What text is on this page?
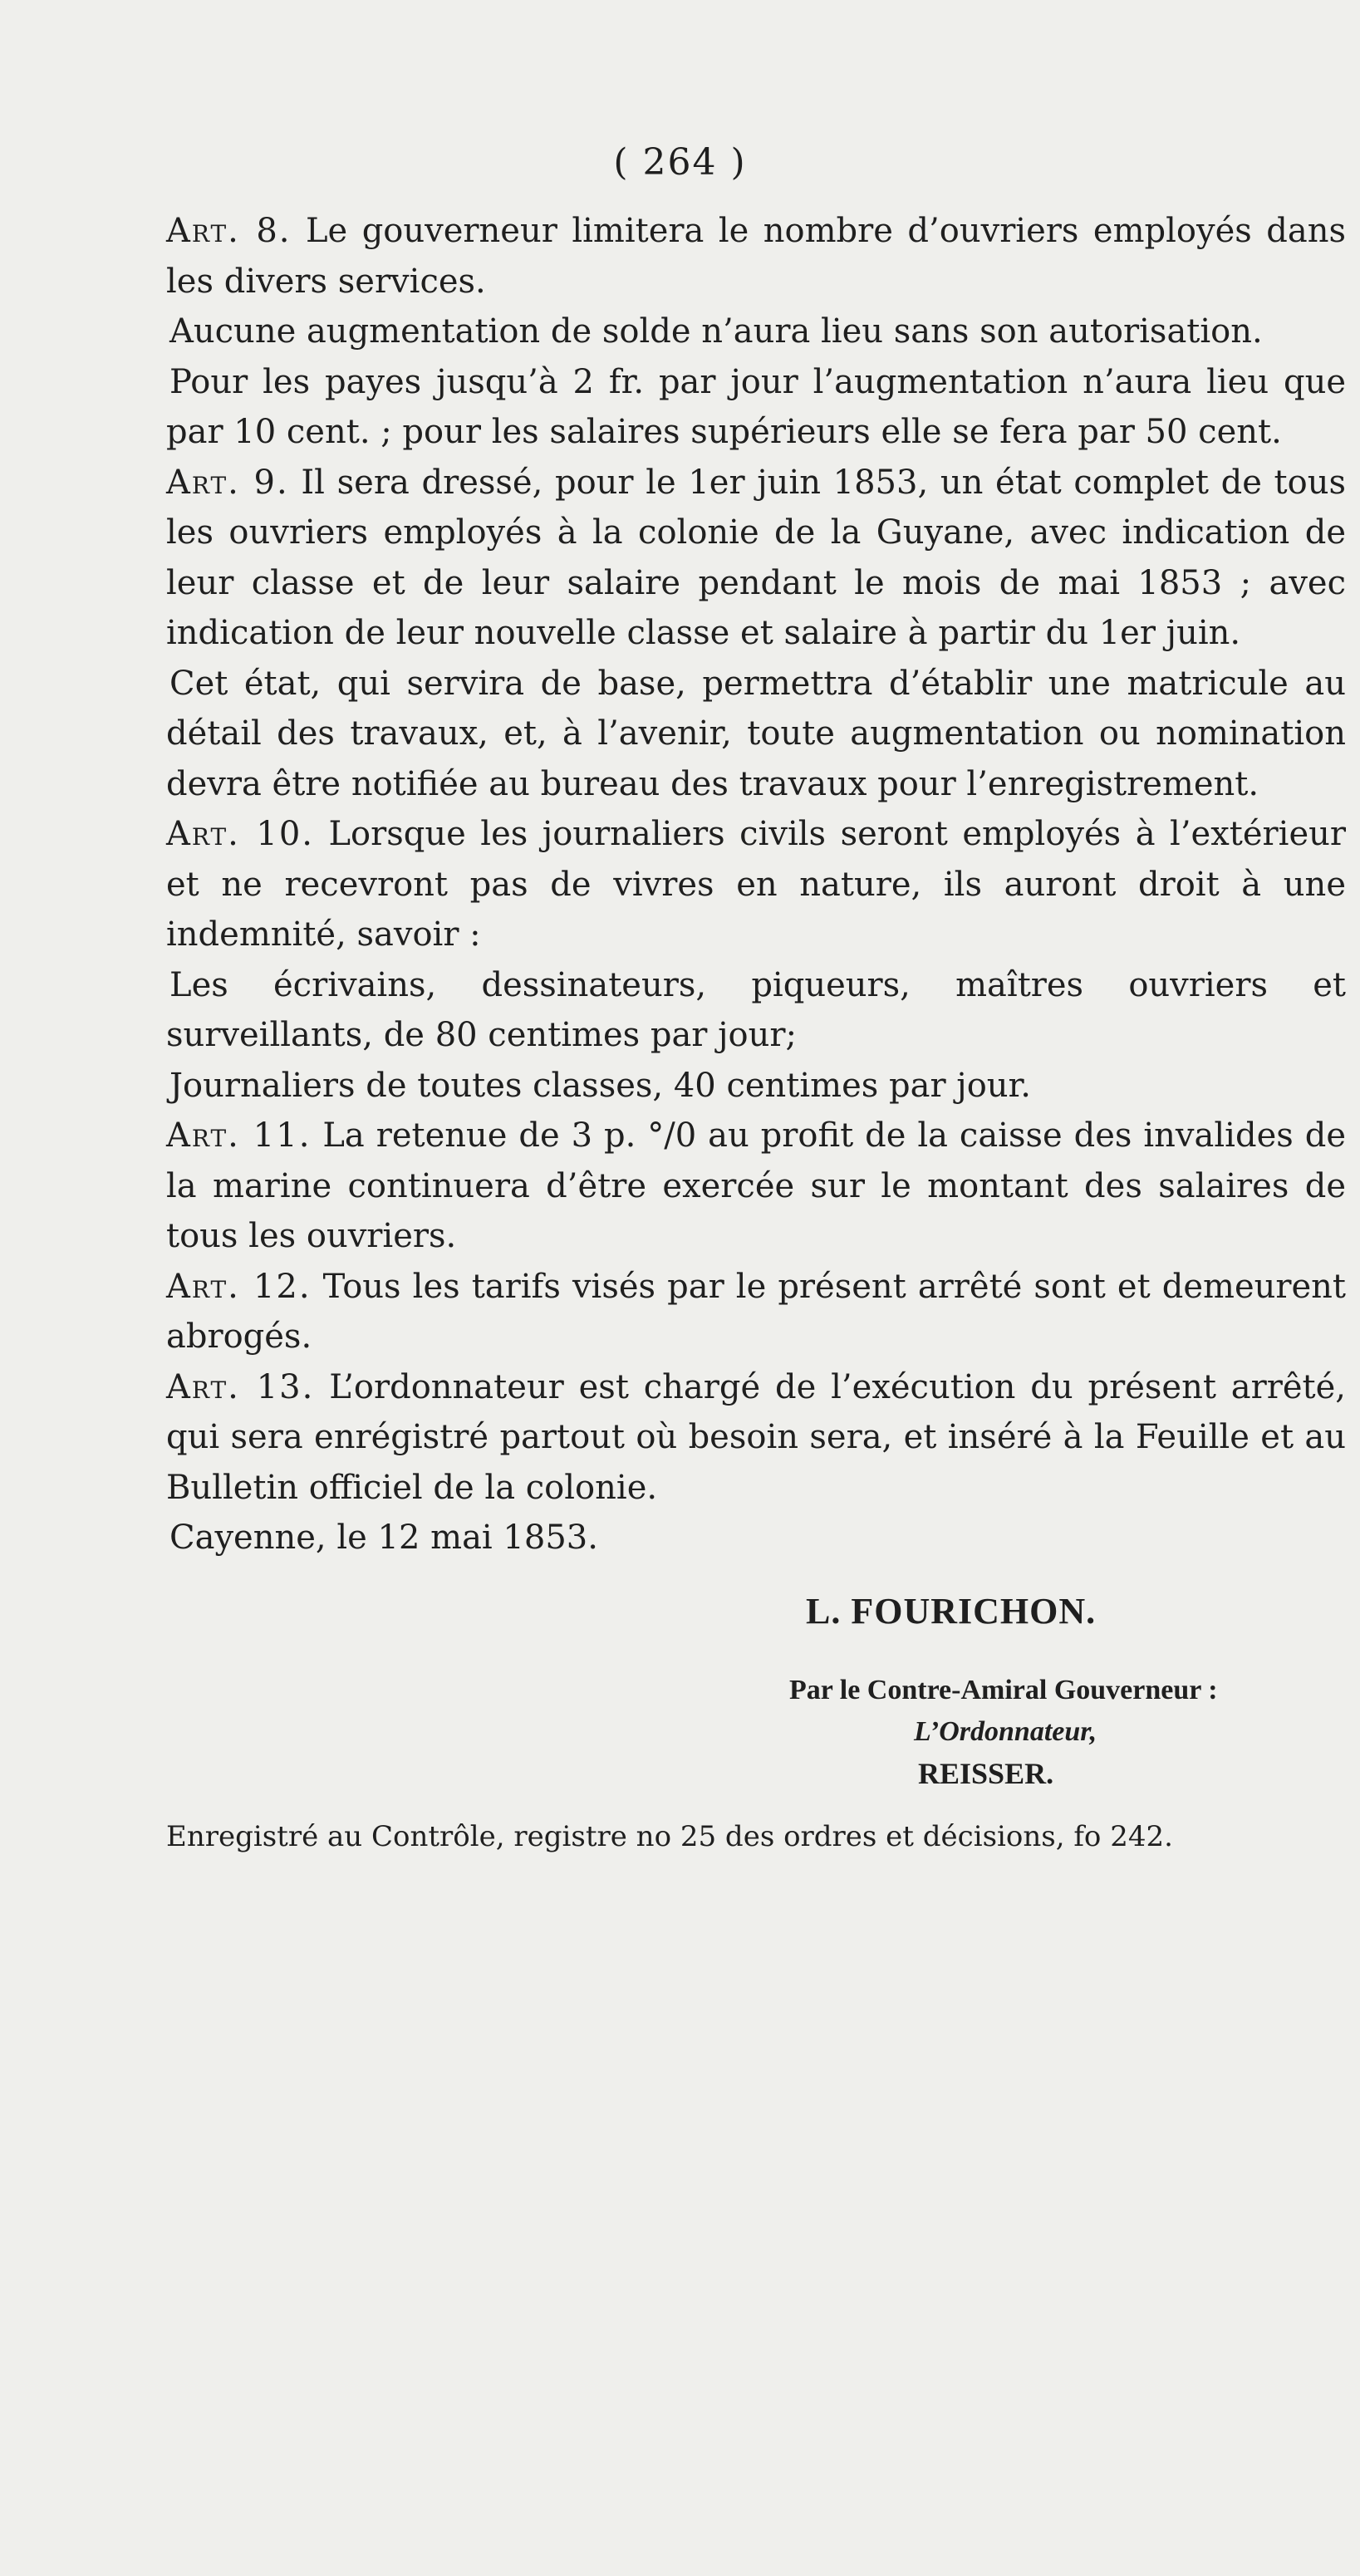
( 264 )

Art. 8. Le gouverneur limitera le nombre d’ouvriers employés dans les divers services.

Aucune augmentation de solde n’aura lieu sans son autorisation.

Pour les payes jusqu’à 2 fr. par jour l’augmentation n’aura lieu que par 10 cent. ; pour les salaires supérieurs elle se fera par 50 cent.

Art. 9. Il sera dressé, pour le 1er juin 1853, un état complet de tous les ouvriers employés à la colonie de la Guyane, avec indication de leur classe et de leur salaire pendant le mois de mai 1853 ; avec indication de leur nouvelle classe et salaire à partir du 1er juin.

Cet état, qui servira de base, permettra d’établir une matricule au détail des travaux, et, à l’avenir, toute augmentation ou nomination devra être notifiée au bureau des travaux pour l’enregistrement.

Art. 10. Lorsque les journaliers civils seront employés à l’extérieur et ne recevront pas de vivres en nature, ils auront droit à une indemnité, savoir :

Les écrivains, dessinateurs, piqueurs, maîtres ouvriers et surveillants, de 80 centimes par jour;

Journaliers de toutes classes, 40 centimes par jour.

Art. 11. La retenue de 3 p. °/0 au profit de la caisse des invalides de la marine continuera d’être exercée sur le montant des salaires de tous les ouvriers.

Art. 12. Tous les tarifs visés par le présent arrêté sont et demeurent abrogés.

Art. 13. L’ordonnateur est chargé de l’exécution du présent arrêté, qui sera enrégistré partout où besoin sera, et inséré à la Feuille et au Bulletin officiel de la colonie.

Cayenne, le 12 mai 1853.

L. FOURICHON.
Par le Contre-Amiral Gouverneur :
L’Ordonnateur,
REISSER.
Enregistré au Contrôle, registre no 25 des ordres et décisions, fo 242.
